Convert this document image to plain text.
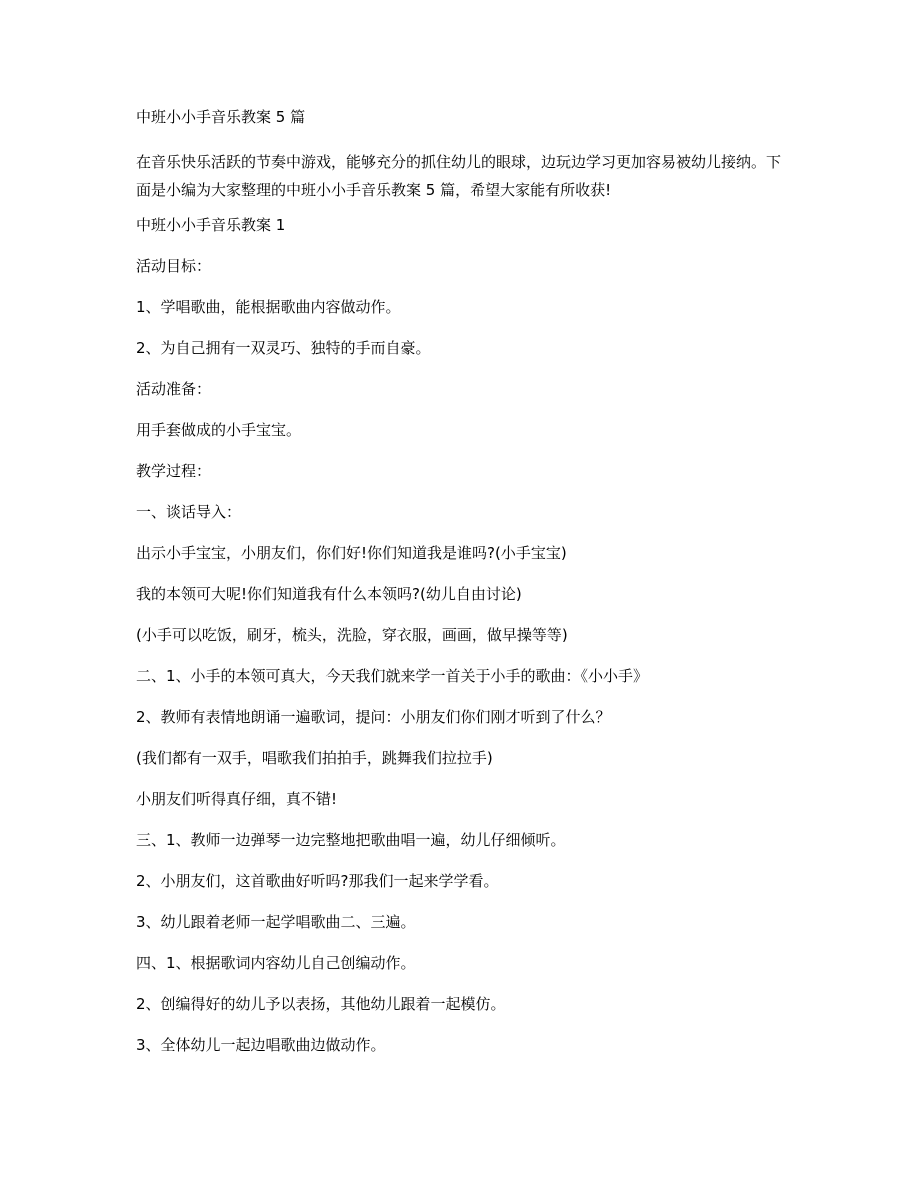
中班小小手音乐教案 5 篇

在音乐快乐活跃的节奏中游戏，能够充分的抓住幼儿的眼球，边玩边学习更加容易被幼儿接纳。下面是小编为大家整理的中班小小手音乐教案 5 篇，希望大家能有所收获!

中班小小手音乐教案 1
活动目标：
1、学唱歌曲，能根据歌曲内容做动作。
2、为自己拥有一双灵巧、独特的手而自豪。
活动准备：
用手套做成的小手宝宝。
教学过程：
一、谈话导入：
出示小手宝宝，小朋友们，你们好!你们知道我是谁吗?(小手宝宝)
我的本领可大呢!你们知道我有什么本领吗?(幼儿自由讨论)
(小手可以吃饭，刷牙，梳头，洗脸，穿衣服，画画，做早操等等)
二、1、小手的本领可真大，今天我们就来学一首关于小手的歌曲：《小小手》
2、教师有表情地朗诵一遍歌词，提问：小朋友们你们刚才听到了什么？
(我们都有一双手，唱歌我们拍拍手，跳舞我们拉拉手)
小朋友们听得真仔细，真不错!
三、1、教师一边弹琴一边完整地把歌曲唱一遍，幼儿仔细倾听。
2、小朋友们，这首歌曲好听吗?那我们一起来学学看。
3、幼儿跟着老师一起学唱歌曲二、三遍。
四、1、根据歌词内容幼儿自己创编动作。
2、创编得好的幼儿予以表扬，其他幼儿跟着一起模仿。
3、全体幼儿一起边唱歌曲边做动作。
